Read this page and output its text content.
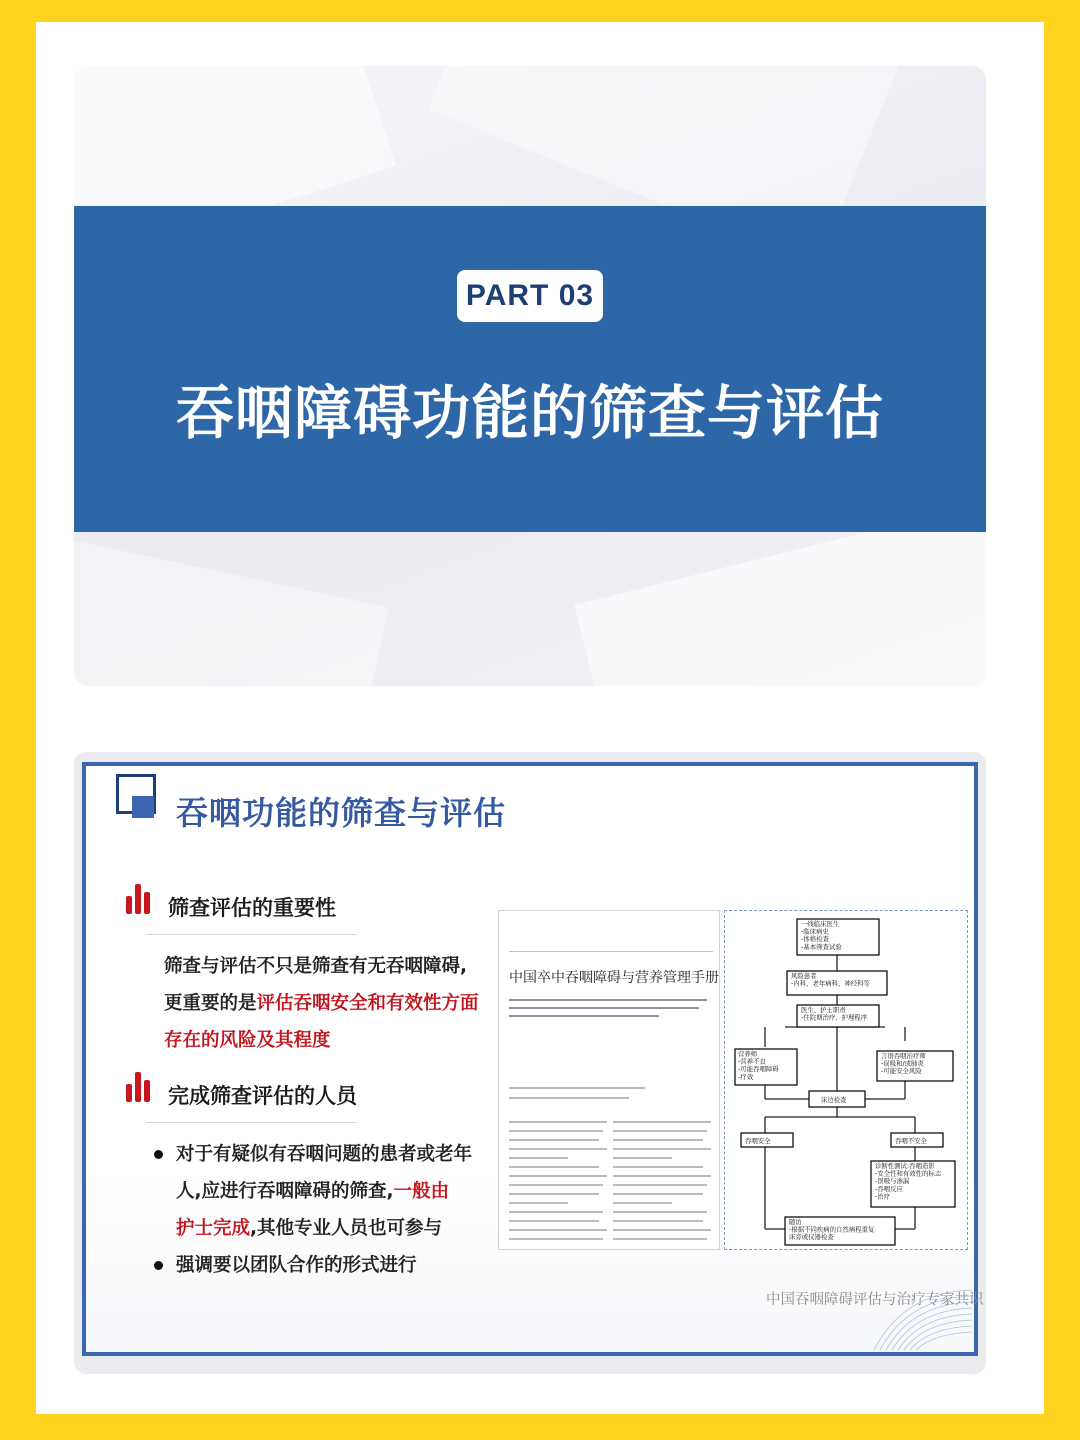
PART 03
吞咽障碍功能的筛查与评估
吞咽功能的筛查与评估
筛查评估的重要性
筛查与评估不只是筛查有无吞咽障碍,
更重要的是评估吞咽安全和有效性方面
存在的风险及其程度
完成筛查评估的人员
对于有疑似有吞咽问题的患者或老年
人,应进行吞咽障碍的筛查,一般由
护士完成,其他专业人员也可参与
强调要以团队合作的形式进行
中国卒中吞咽障碍与营养管理手册
一线临床医生
-临床病史
-体格检查
-基本筛查试验
风险患者
-内科、老年病科、神经科等
医生、护士职责
-住院期治疗、护理程序
营养师
-营养不良
-可能吞咽障碍
-疗效
言语吞咽治疗师
-误吸和/或肺炎
-可能安全风险
床边检查
吞咽安全	吞咽不安全
诊断性测试:吞咽造影
-安全性和有效性的标志
-误吸与渗漏
-吞咽反应
-治疗
随访
-根据不同疾病的自然病程重复
床旁或仪器检查
中国吞咽障碍评估与治疗专家共识
